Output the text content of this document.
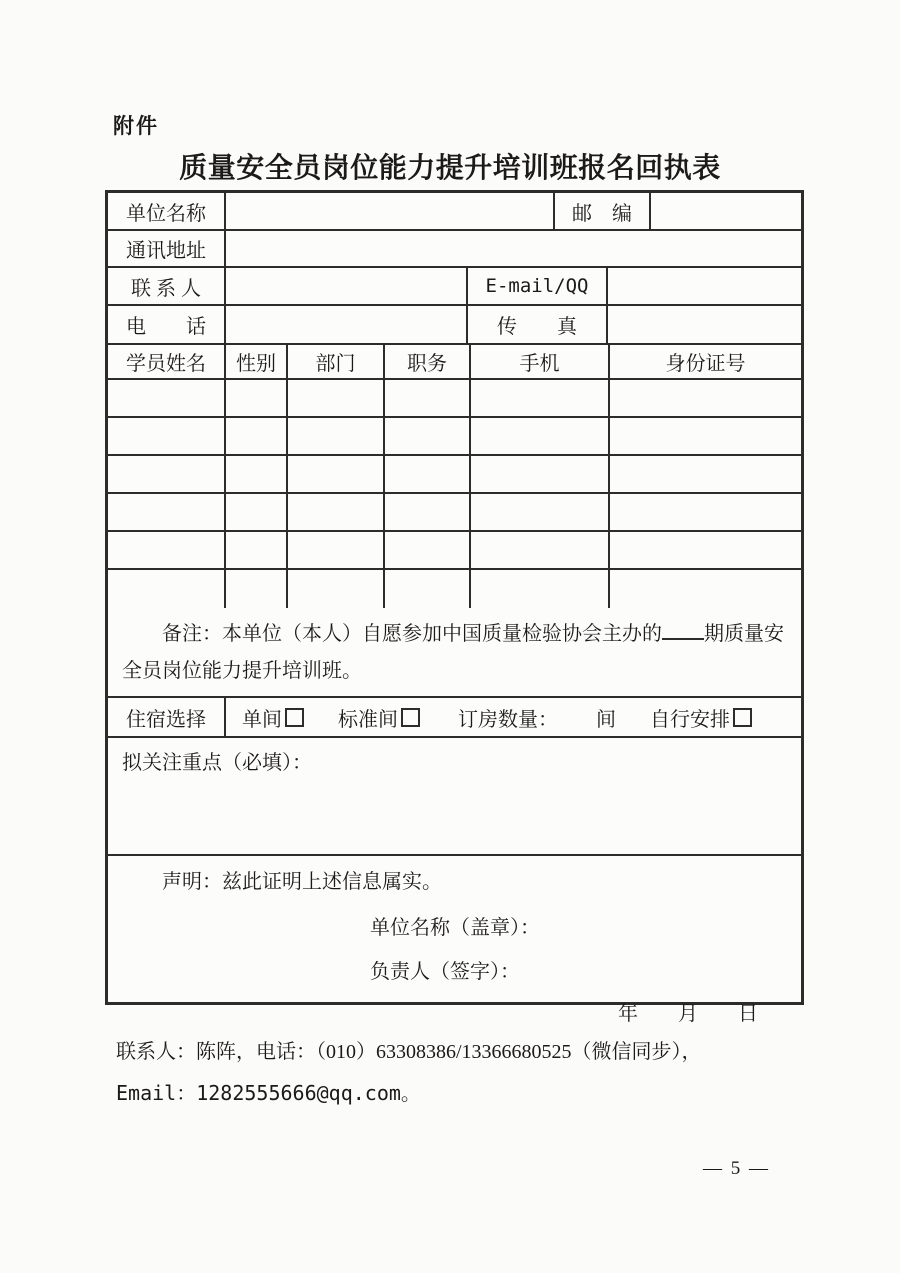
附件
质量安全员岗位能力提升培训班报名回执表
单位名称	邮　编
通讯地址
联 系 人	E-mail/QQ
电　　话	传　　真
学员姓名	性别	部门	职务	手机	身份证号

备注：本单位（本人）自愿参加中国质量检验协会主办的 期质量安全员岗位能力提升培训班。

住宿选择	单间	标准间	订房数量： 间 自行安排
拟关注重点（必填）：

声明：兹此证明上述信息属实。

单位名称（盖章）：

负责人（签字）：

年　　月　　日

联系人：陈阵，电话：（010）63308386/13366680525（微信同步），

Email：1282555666@qq.com。

— 5 —
